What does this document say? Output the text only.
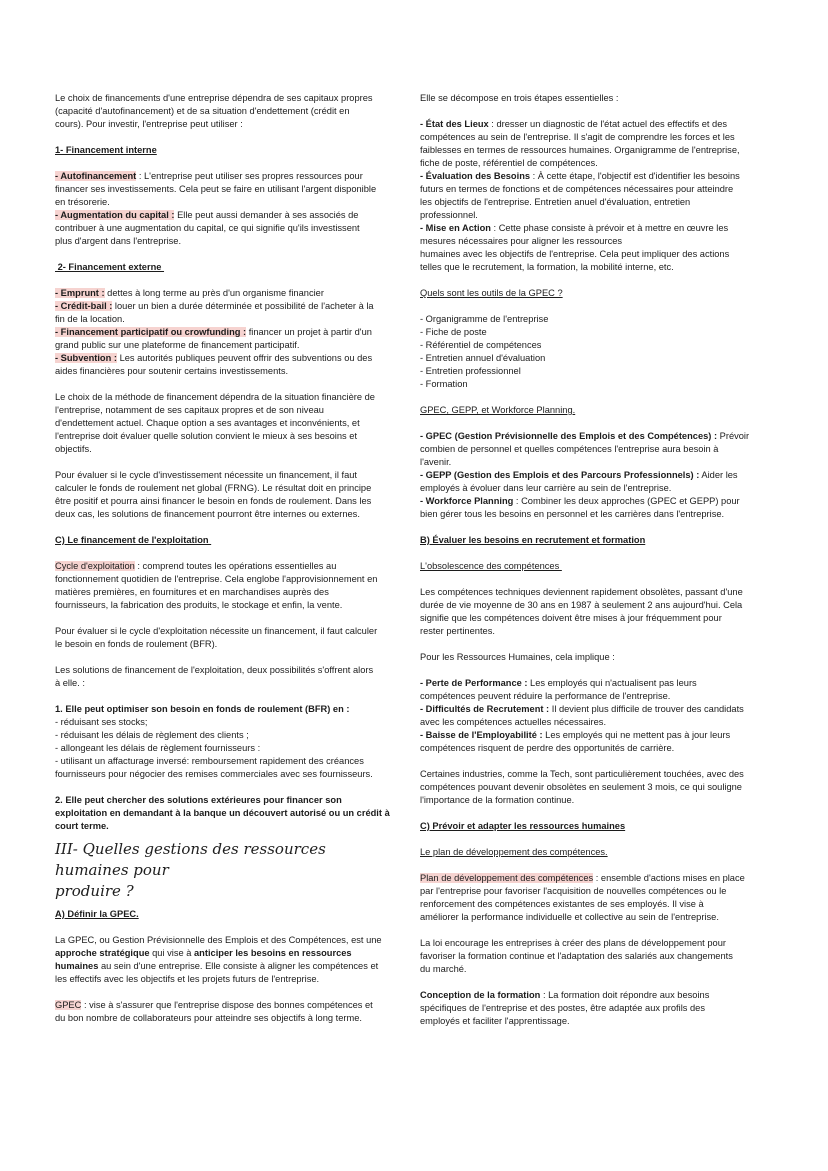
Le choix de financements d'une entreprise dépendra de ses capitaux propres

(capacité d'autofinancement) et de sa situation d'endettement (crédit en

cours). Pour investir, l'entreprise peut utiliser :

1- Financement interne

- Autofinancement : L'entreprise peut utiliser ses propres ressources pour

financer ses investissements. Cela peut se faire en utilisant l'argent disponible

en trésorerie.

- Augmentation du capital : Elle peut aussi demander à ses associés de

contribuer à une augmentation du capital, ce qui signifie qu'ils investissent

plus d'argent dans l'entreprise.

2- Financement externe

- Emprunt : dettes à long terme au près d'un organisme financier

- Crédit-bail : louer un bien a durée déterminée et possibilité de l'acheter à la

fin de la location.

- Financement participatif ou crowfunding : financer un projet à partir d'un

grand public sur une plateforme de financement participatif.

- Subvention : Les autorités publiques peuvent offrir des subventions ou des

aides financières pour soutenir certains investissements.

Le choix de la méthode de financement dépendra de la situation financière de

l'entreprise, notamment de ses capitaux propres et de son niveau

d'endettement actuel. Chaque option a ses avantages et inconvénients, et

l'entreprise doit évaluer quelle solution convient le mieux à ses besoins et

objectifs.

Pour évaluer si le cycle d'investissement nécessite un financement, il faut

calculer le fonds de roulement net global (FRNG). Le résultat doit en principe

être positif et pourra ainsi financer le besoin en fonds de roulement. Dans les

deux cas, les solutions de financement pourront être internes ou externes.

C) Le financement de l'exploitation

Cycle d'exploitation : comprend toutes les opérations essentielles au

fonctionnement quotidien de l'entreprise. Cela englobe l'approvisionnement en

matières premières, en fournitures et en marchandises auprès des

fournisseurs, la fabrication des produits, le stockage et enfin, la vente.

Pour évaluer si le cycle d'exploitation nécessite un financement, il faut calculer

le besoin en fonds de roulement (BFR).

Les solutions de financement de l'exploitation, deux possibilités s'offrent alors

à elle. :

1. Elle peut optimiser son besoin en fonds de roulement (BFR) en :

- réduisant ses stocks;

- réduisant les délais de règlement des clients ;

- allongeant les délais de règlement fournisseurs :

- utilisant un affacturage inversé: remboursement rapidement des créances

fournisseurs pour négocier des remises commerciales avec ses fournisseurs.

2. Elle peut chercher des solutions extérieures pour financer son

exploitation en demandant à la banque un découvert autorisé ou un crédit à

court terme.

III- Quelles gestions des ressources humaines pour
produire ?

A) Définir la GPEC.

La GPEC, ou Gestion Prévisionnelle des Emplois et des Compétences, est une

approche stratégique qui vise à anticiper les besoins en ressources

humaines au sein d'une entreprise. Elle consiste à aligner les compétences et

les effectifs avec les objectifs et les projets futurs de l'entreprise.

GPEC : vise à s'assurer que l'entreprise dispose des bonnes compétences et

du bon nombre de collaborateurs pour atteindre ses objectifs à long terme.

Elle se décompose en trois étapes essentielles :

- État des Lieux : dresser un diagnostic de l'état actuel des effectifs et des

compétences au sein de l'entreprise. Il s'agit de comprendre les forces et les

faiblesses en termes de ressources humaines. Organigramme de l'entreprise,

fiche de poste, référentiel de compétences.

- Évaluation des Besoins : À cette étape, l'objectif est d'identifier les besoins

futurs en termes de fonctions et de compétences nécessaires pour atteindre

les objectifs de l'entreprise. Entretien anuel d'évaluation, entretien

professionnel.

- Mise en Action : Cette phase consiste à prévoir et à mettre en œuvre les

mesures nécessaires pour aligner les ressources

humaines avec les objectifs de l'entreprise. Cela peut impliquer des actions

telles que le recrutement, la formation, la mobilité interne, etc.

Quels sont les outils de la GPEC ?

- Organigramme de l'entreprise

- Fiche de poste

- Référentiel de compétences

- Entretien annuel d'évaluation

- Entretien professionnel

- Formation

GPEC, GEPP, et Workforce Planning.

- GPEC (Gestion Prévisionnelle des Emplois et des Compétences) : Prévoir

combien de personnel et quelles compétences l'entreprise aura besoin à

l'avenir.

- GEPP (Gestion des Emplois et des Parcours Professionnels) : Aider les

employés à évoluer dans leur carrière au sein de l'entreprise.

- Workforce Planning : Combiner les deux approches (GPEC et GEPP) pour

bien gérer tous les besoins en personnel et les carrières dans l'entreprise.

B) Évaluer les besoins en recrutement et formation

L'obsolescence des compétences

Les compétences techniques deviennent rapidement obsolètes, passant d'une

durée de vie moyenne de 30 ans en 1987 à seulement 2 ans aujourd'hui. Cela

signifie que les compétences doivent être mises à jour fréquemment pour

rester pertinentes.

Pour les Ressources Humaines, cela implique :

- Perte de Performance : Les employés qui n'actualisent pas leurs

compétences peuvent réduire la performance de l'entreprise.

- Difficultés de Recrutement : Il devient plus difficile de trouver des candidats

avec les compétences actuelles nécessaires.

- Baisse de l'Employabilité : Les employés qui ne mettent pas à jour leurs

compétences risquent de perdre des opportunités de carrière.

Certaines industries, comme la Tech, sont particulièrement touchées, avec des

compétences pouvant devenir obsolètes en seulement 3 mois, ce qui souligne

l'importance de la formation continue.

C) Prévoir et adapter les ressources humaines

Le plan de développement des compétences.

Plan de développement des compétences : ensemble d'actions mises en place

par l'entreprise pour favoriser l'acquisition de nouvelles compétences ou le

renforcement des compétences existantes de ses employés. Il vise à

améliorer la performance individuelle et collective au sein de l'entreprise.

La loi encourage les entreprises à créer des plans de développement pour

favoriser la formation continue et l'adaptation des salariés aux changements

du marché.

Conception de la formation : La formation doit répondre aux besoins

spécifiques de l'entreprise et des postes, être adaptée aux profils des

employés et faciliter l'apprentissage.
